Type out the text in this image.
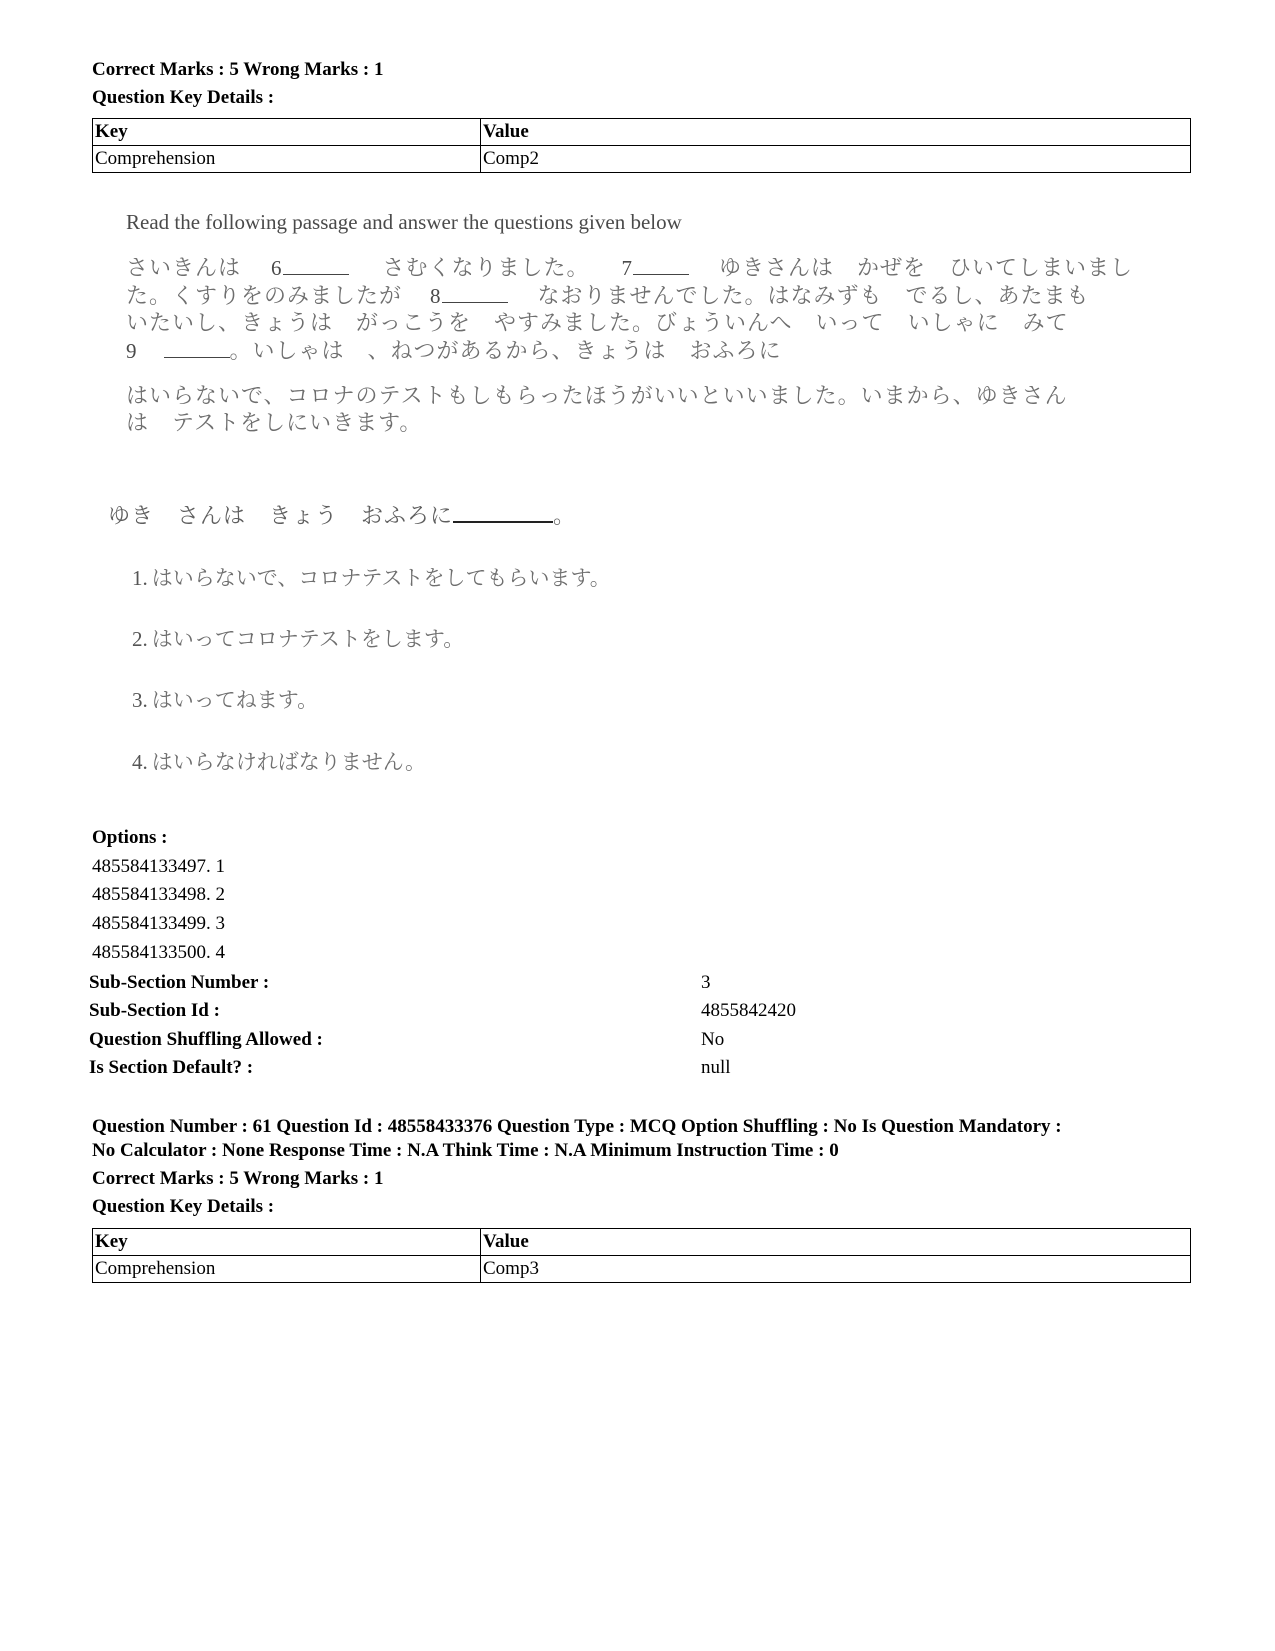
Correct Marks : 5 Wrong Marks : 1
Question Key Details :
Key	Value
Comprehension	Comp2
Read the following passage and answer the questions given below
さいきんは 6	さむくなりました。 7	ゆきさんは　かぜを　ひいてしまいまし
た。くすりをのみましたが 8	なおりませんでした。はなみずも　でるし、あたまも
いたいし、きょうは　がっこうを　やすみました。びょういんへ　いって　いしゃに　みて
9	。いしゃは　、ねつがあるから、きょうは　おふろに
はいらないで、コロナのテストもしもらったほうがいいといいました。いまから、ゆきさん
は　テストをしにいきます。
ゆき　さんは　きょう　おふろに	。
1. はいらないで、コロナテストをしてもらいます。
2. はいってコロナテストをします。
3. はいってねます。
4. はいらなければなりません。
Options :
485584133497. 1
485584133498. 2
485584133499. 3
485584133500. 4
Sub-Section Number :	3
Sub-Section Id :	4855842420
Question Shuffling Allowed :	No
Is Section Default? :	null
Question Number : 61 Question Id : 48558433376 Question Type : MCQ Option Shuffling : No Is Question Mandatory :
No Calculator : None Response Time : N.A Think Time : N.A Minimum Instruction Time : 0
Correct Marks : 5 Wrong Marks : 1
Question Key Details :
Key	Value
Comprehension	Comp3
